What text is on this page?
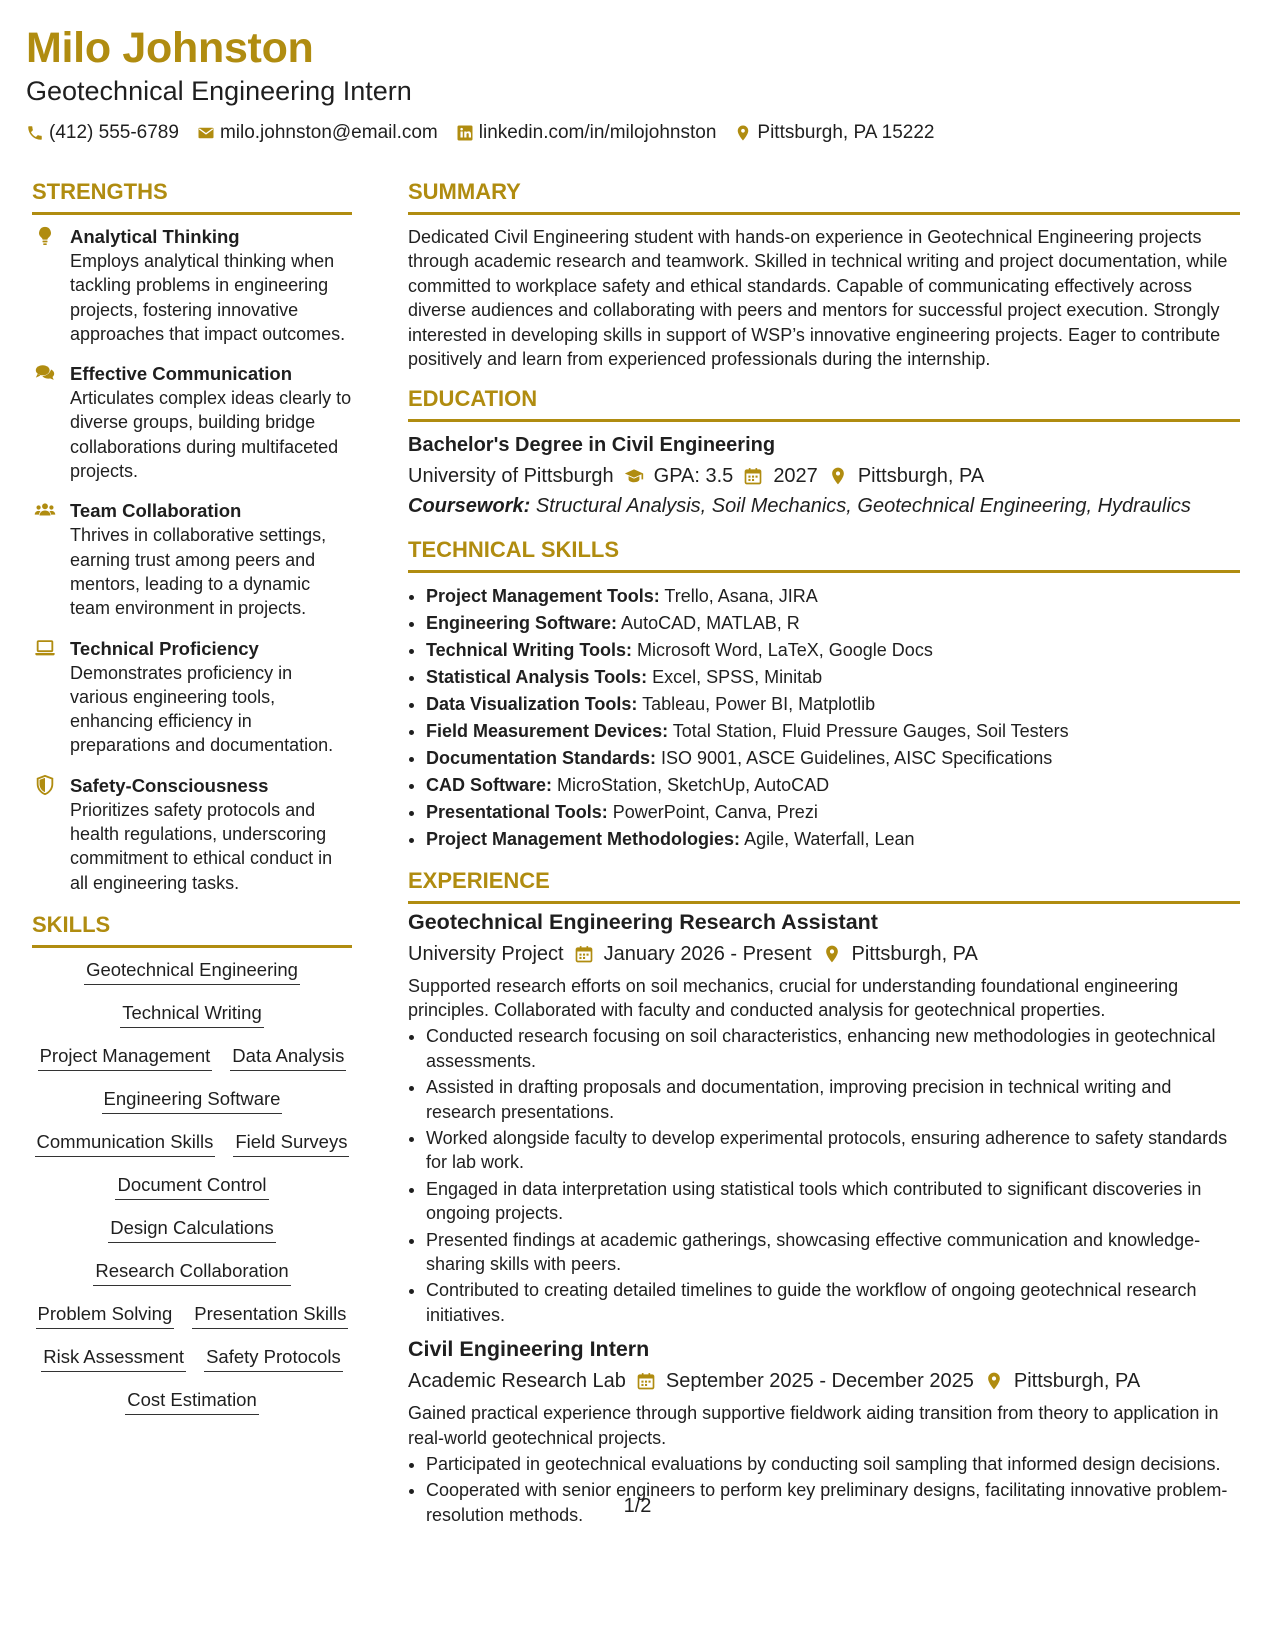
Milo Johnston
Geotechnical Engineering Intern
(412) 555-6789 milo.johnston@email.com linkedin.com/in/milojohnston Pittsburgh, PA 15222
STRENGTHS
Analytical Thinking
Employs analytical thinking when tackling problems in engineering projects, fostering innovative approaches that impact outcomes.
Effective Communication
Articulates complex ideas clearly to diverse groups, building bridge collaborations during multifaceted projects.
Team Collaboration
Thrives in collaborative settings, earning trust among peers and mentors, leading to a dynamic team environment in projects.
Technical Proficiency
Demonstrates proficiency in various engineering tools, enhancing efficiency in preparations and documentation.
Safety-Consciousness
Prioritizes safety protocols and health regulations, underscoring commitment to ethical conduct in all engineering tasks.
SKILLS
Geotechnical Engineering
Technical Writing
Project Management Data Analysis
Engineering Software
Communication Skills Field Surveys
Document Control
Design Calculations
Research Collaboration
Problem Solving Presentation Skills
Risk Assessment Safety Protocols
Cost Estimation
SUMMARY
Dedicated Civil Engineering student with hands-on experience in Geotechnical Engineering projects through academic research and teamwork. Skilled in technical writing and project documentation, while committed to workplace safety and ethical standards. Capable of communicating effectively across diverse audiences and collaborating with peers and mentors for successful project execution. Strongly interested in developing skills in support of WSP’s innovative engineering projects. Eager to contribute positively and learn from experienced professionals during the internship.
EDUCATION
Bachelor's Degree in Civil Engineering
University of Pittsburgh GPA: 3.5 2027 Pittsburgh, PA
Coursework: Structural Analysis, Soil Mechanics, Geotechnical Engineering, Hydraulics
TECHNICAL SKILLS
• Project Management Tools: Trello, Asana, JIRA
• Engineering Software: AutoCAD, MATLAB, R
• Technical Writing Tools: Microsoft Word, LaTeX, Google Docs
• Statistical Analysis Tools: Excel, SPSS, Minitab
• Data Visualization Tools: Tableau, Power BI, Matplotlib
• Field Measurement Devices: Total Station, Fluid Pressure Gauges, Soil Testers
• Documentation Standards: ISO 9001, ASCE Guidelines, AISC Specifications
• CAD Software: MicroStation, SketchUp, AutoCAD
• Presentational Tools: PowerPoint, Canva, Prezi
• Project Management Methodologies: Agile, Waterfall, Lean
EXPERIENCE
Geotechnical Engineering Research Assistant
University Project January 2026 - Present Pittsburgh, PA
Supported research efforts on soil mechanics, crucial for understanding foundational engineering principles. Collaborated with faculty and conducted analysis for geotechnical properties.
• Conducted research focusing on soil characteristics, enhancing new methodologies in geotechnical assessments.
• Assisted in drafting proposals and documentation, improving precision in technical writing and research presentations.
• Worked alongside faculty to develop experimental protocols, ensuring adherence to safety standards for lab work.
• Engaged in data interpretation using statistical tools which contributed to significant discoveries in ongoing projects.
• Presented findings at academic gatherings, showcasing effective communication and knowledge-sharing skills with peers.
• Contributed to creating detailed timelines to guide the workflow of ongoing geotechnical research initiatives.
Civil Engineering Intern
Academic Research Lab September 2025 - December 2025 Pittsburgh, PA
Gained practical experience through supportive fieldwork aiding transition from theory to application in real-world geotechnical projects.
• Participated in geotechnical evaluations by conducting soil sampling that informed design decisions.
• Cooperated with senior engineers to perform key preliminary designs, facilitating innovative problem-resolution methods.	1/2
